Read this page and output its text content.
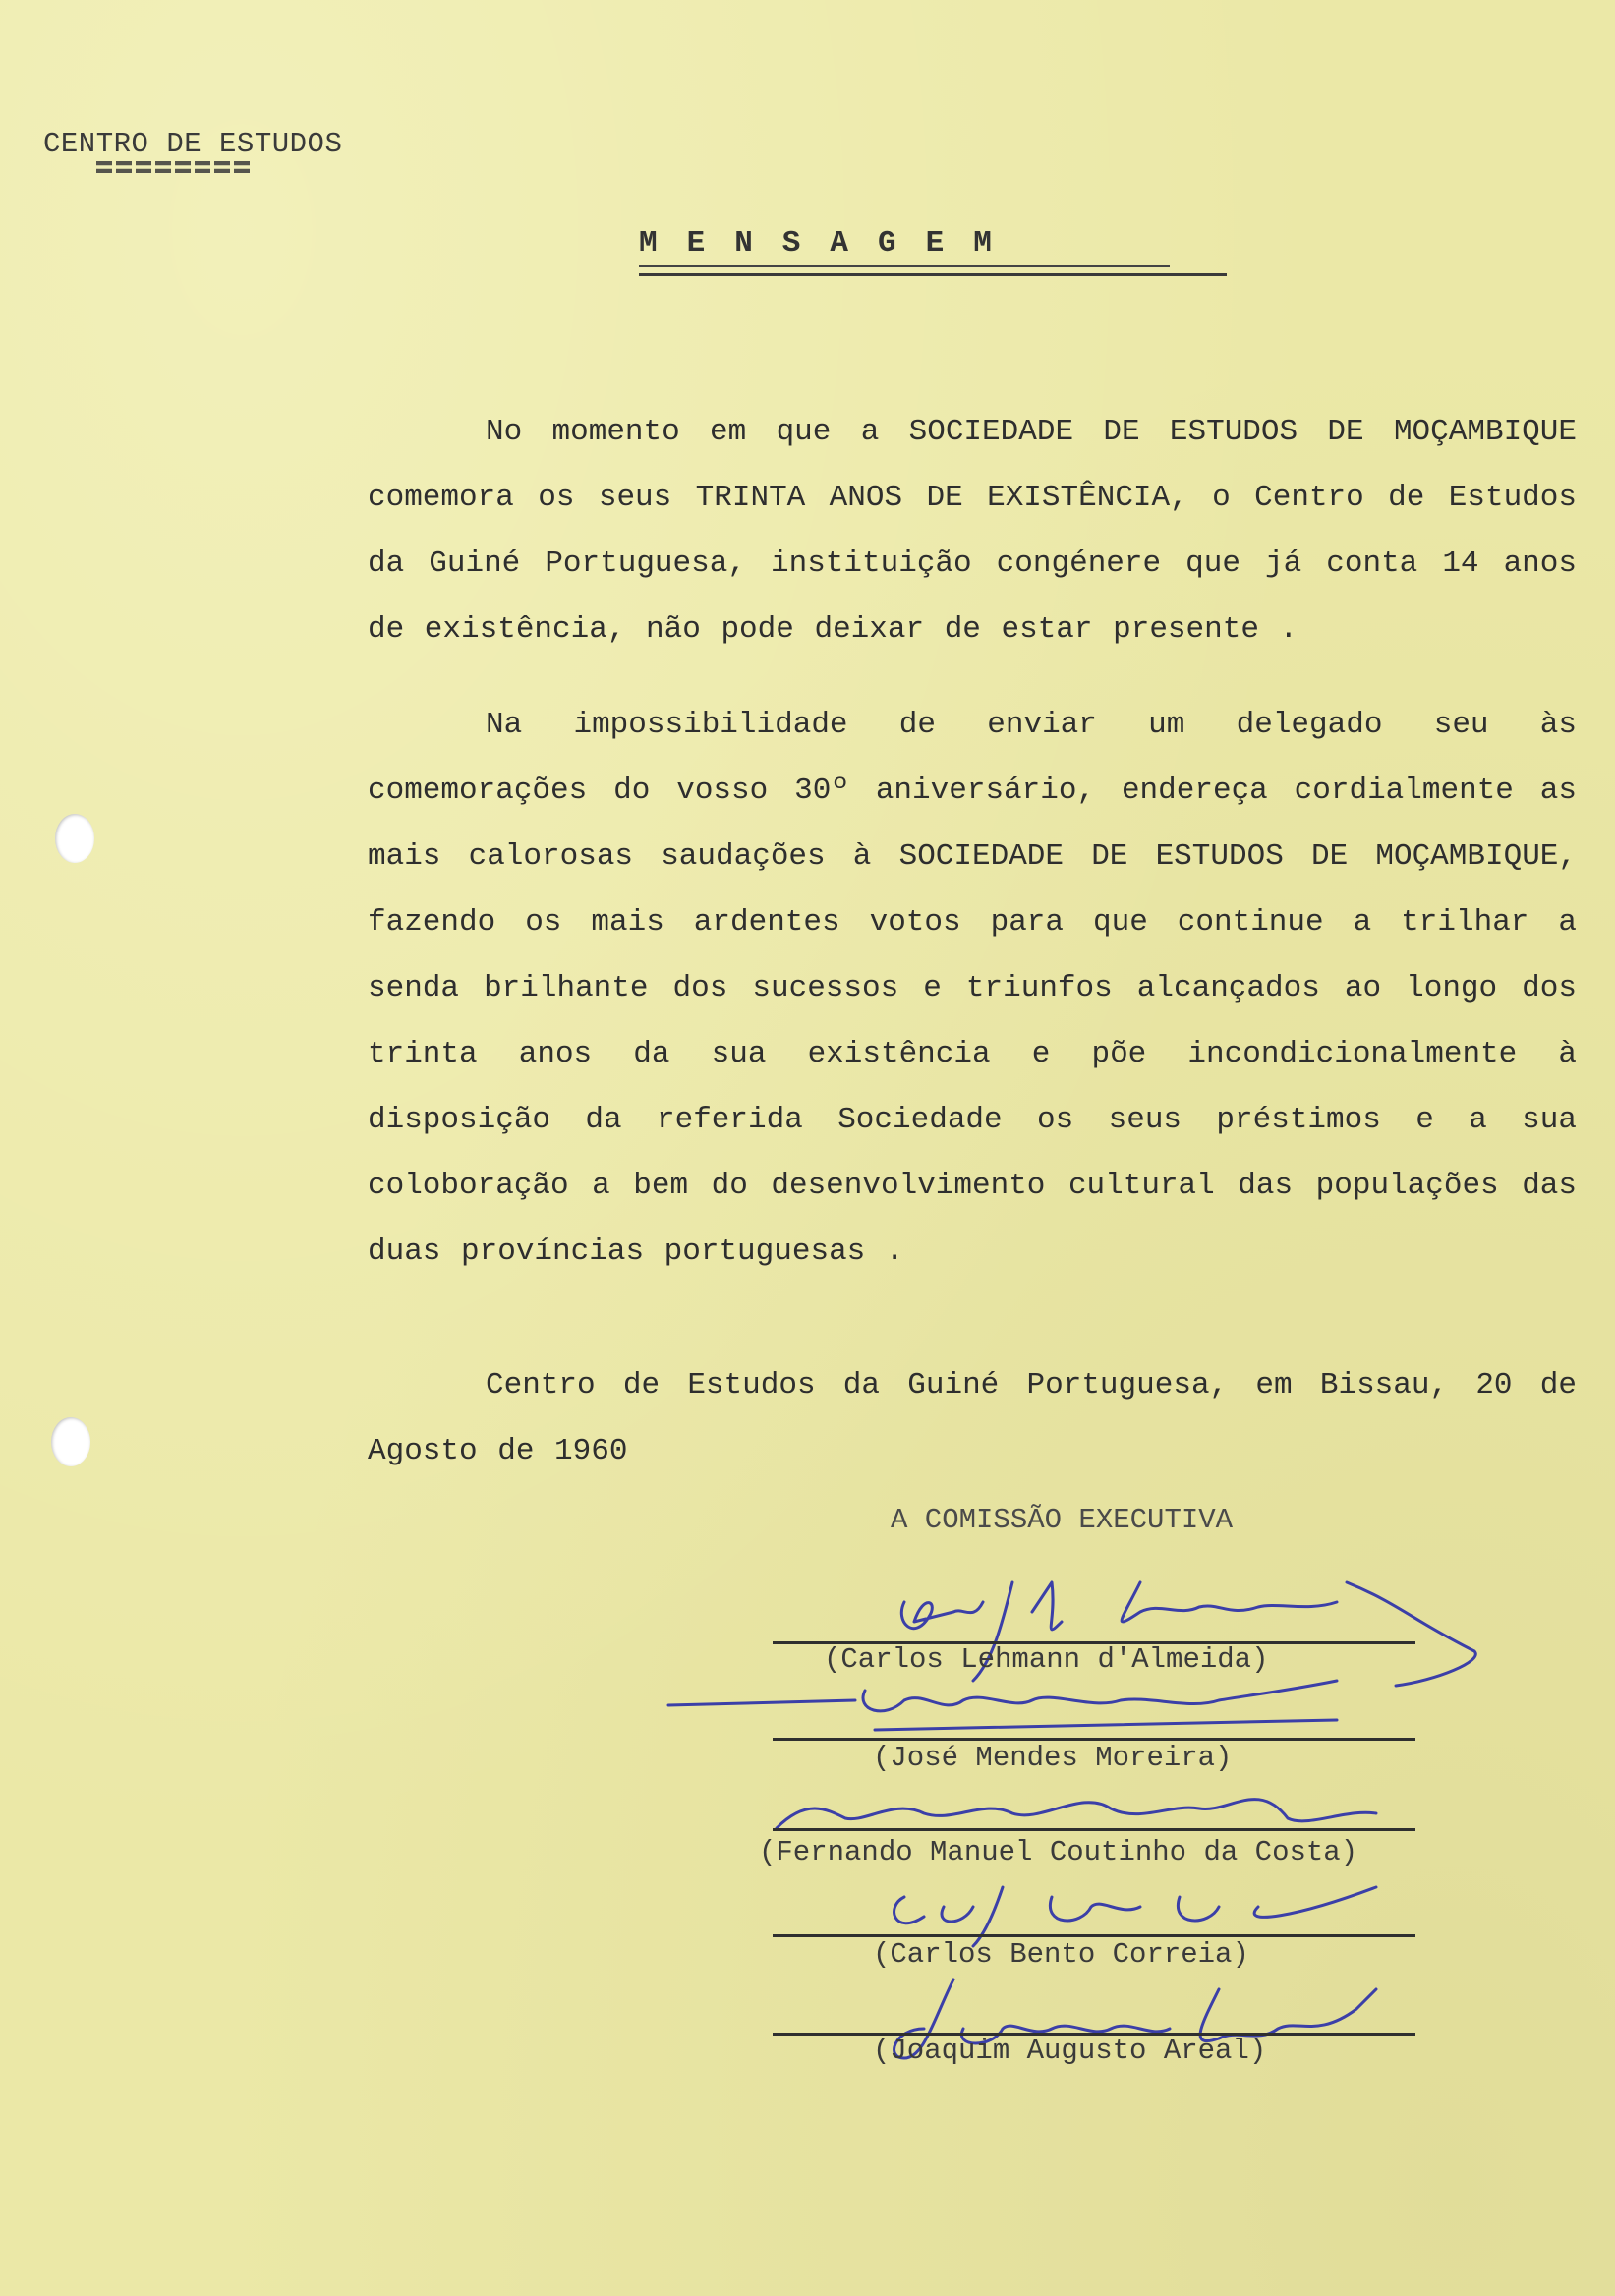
CENTRO DE ESTUDOS
MENSAGEM
No momento em que a SOCIEDADE DE ESTUDOS DE MOÇAMBIQUE comemora os seus TRINTA ANOS DE EXISTÊNCIA, o Centro de Estudos da Guiné Portuguesa, instituição congénere que já conta 14 anos de existência, não pode deixar de estar presente .
Na impossibilidade de enviar um delegado seu às comemorações do vosso 30º aniversário, endereça cordialmente as mais calorosas saudações à SOCIEDADE DE ESTUDOS DE MOÇAMBIQUE, fazendo os mais ardentes votos para que continue a trilhar a senda brilhante dos sucessos e triunfos alcançados ao longo dos trinta anos da sua existência e põe incondicionalmente à disposição da referida Sociedade os seus préstimos e a sua coloboração a bem do desenvolvimento cultural das populações das duas províncias portuguesas .
Centro de Estudos da Guiné Portuguesa, em Bissau, 20 de Agosto de 1960
A COMISSÃO EXECUTIVA
(Carlos Lehmann d'Almeida)
(José Mendes Moreira)
(Fernando Manuel Coutinho da Costa)
(Carlos Bento Correia)
(Joaquim Augusto Areal)
